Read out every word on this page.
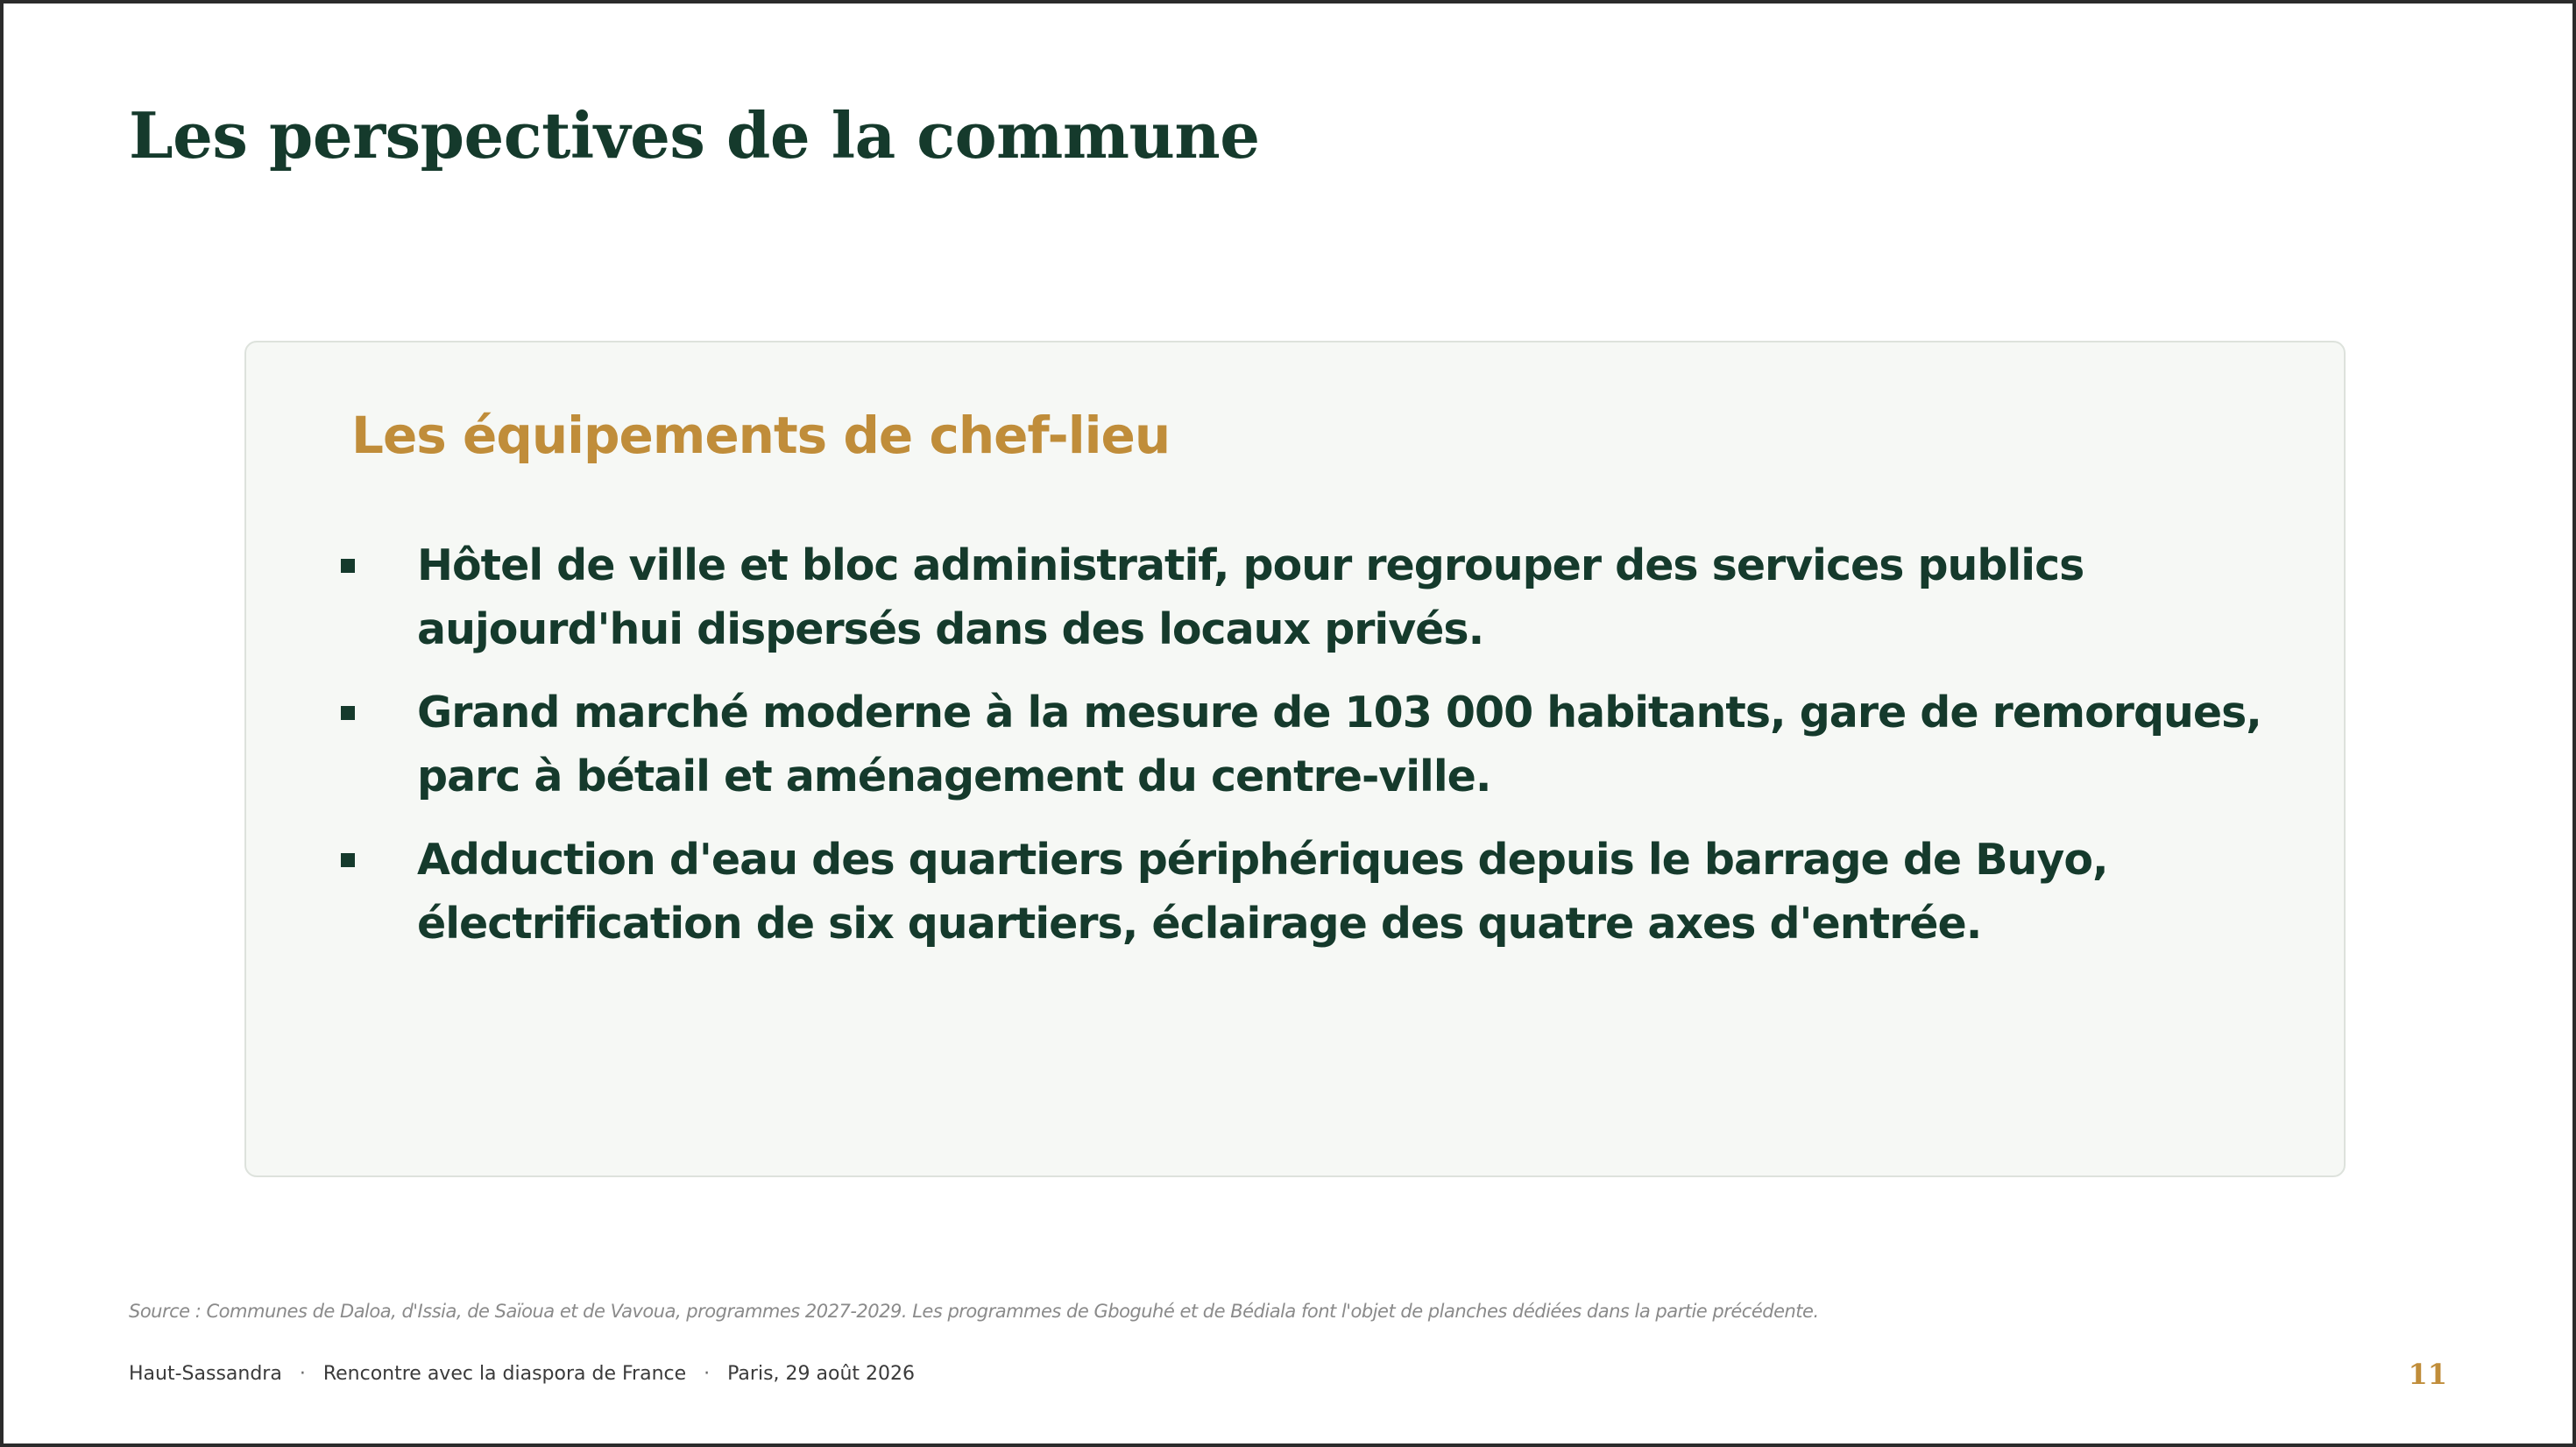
Les perspectives de la commune
Les équipements de chef-lieu
Hôtel de ville et bloc administratif, pour regrouper des services publics
aujourd'hui dispersés dans des locaux privés.
Grand marché moderne à la mesure de 103 000 habitants, gare de remorques,
parc à bétail et aménagement du centre-ville.
Adduction d'eau des quartiers périphériques depuis le barrage de Buyo,
électrification de six quartiers, éclairage des quatre axes d'entrée.

Source : Communes de Daloa, d'Issia, de Saïoua et de Vavoua, programmes 2027-2029. Les programmes de Gboguhé et de Bédiala font l'objet de planches dédiées dans la partie précédente.

Haut-Sassandra · Rencontre avec la diaspora de France · Paris, 29 août 2026	11
